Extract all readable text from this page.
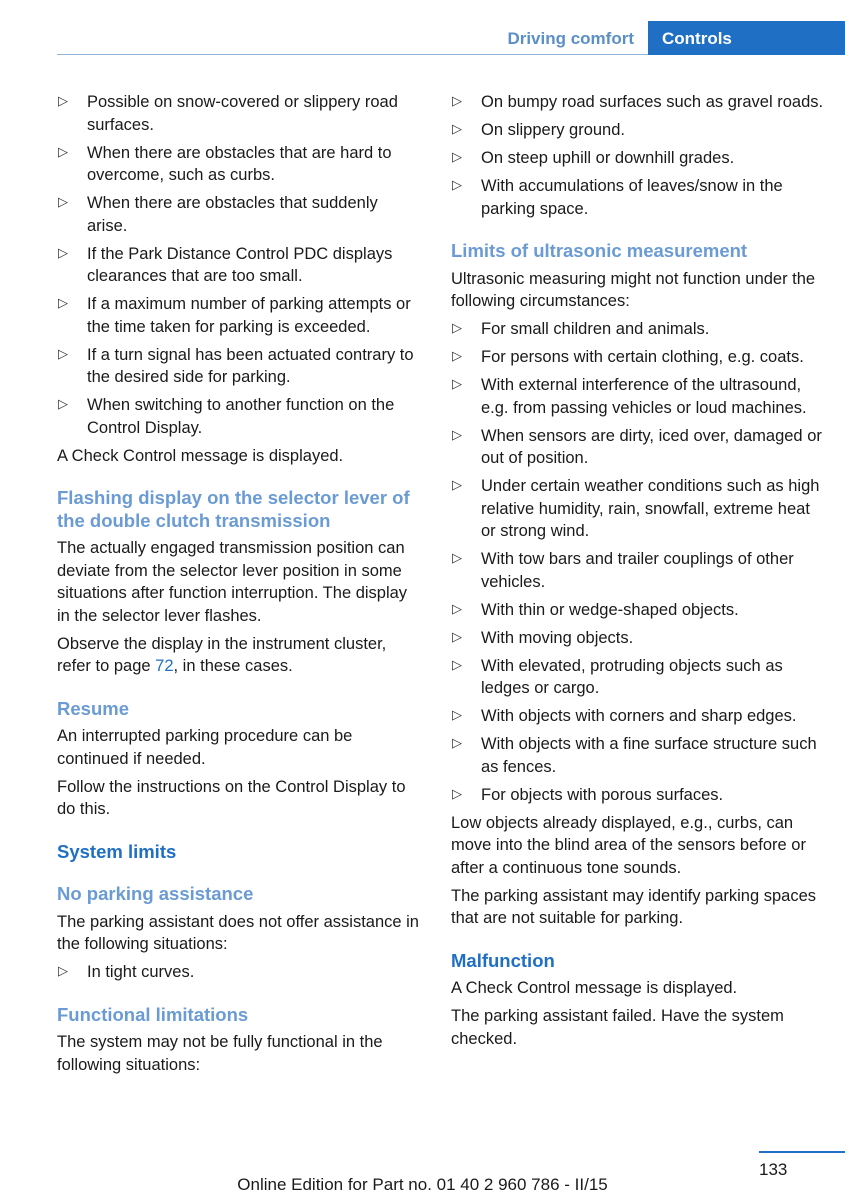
Driving comfort	Controls
▷ Possible on snow-covered or slippery road surfaces.
▷ When there are obstacles that are hard to overcome, such as curbs.
▷ When there are obstacles that suddenly arise.
▷ If the Park Distance Control PDC displays clearances that are too small.
▷ If a maximum number of parking attempts or the time taken for parking is exceeded.
▷ If a turn signal has been actuated contrary to the desired side for parking.
▷ When switching to another function on the Control Display.

A Check Control message is displayed.

Flashing display on the selector lever of the double clutch transmission

The actually engaged transmission position can deviate from the selector lever position in some situations after function interruption. The display in the selector lever flashes.

Observe the display in the instrument cluster, refer to page 72, in these cases.

Resume

An interrupted parking procedure can be continued if needed.

Follow the instructions on the Control Display to do this.

System limits
No parking assistance

The parking assistant does not offer assistance in the following situations:

▷ In tight curves.
Functional limitations

The system may not be fully functional in the following situations:

▷ On bumpy road surfaces such as gravel roads.
▷ On slippery ground.
▷ On steep uphill or downhill grades.
▷ With accumulations of leaves/snow in the parking space.
Limits of ultrasonic measurement

Ultrasonic measuring might not function under the following circumstances:

▷ For small children and animals.
▷ For persons with certain clothing, e.g. coats.
▷ With external interference of the ultrasound, e.g. from passing vehicles or loud machines.
▷ When sensors are dirty, iced over, damaged or out of position.
▷ Under certain weather conditions such as high relative humidity, rain, snowfall, extreme heat or strong wind.
▷ With tow bars and trailer couplings of other vehicles.
▷ With thin or wedge-shaped objects.
▷ With moving objects.
▷ With elevated, protruding objects such as ledges or cargo.
▷ With objects with corners and sharp edges.
▷ With objects with a fine surface structure such as fences.
▷ For objects with porous surfaces.

Low objects already displayed, e.g., curbs, can move into the blind area of the sensors before or after a continuous tone sounds.

The parking assistant may identify parking spaces that are not suitable for parking.

Malfunction

A Check Control message is displayed.

The parking assistant failed. Have the system checked.

133
Online Edition for Part no. 01 40 2 960 786 - II/15
